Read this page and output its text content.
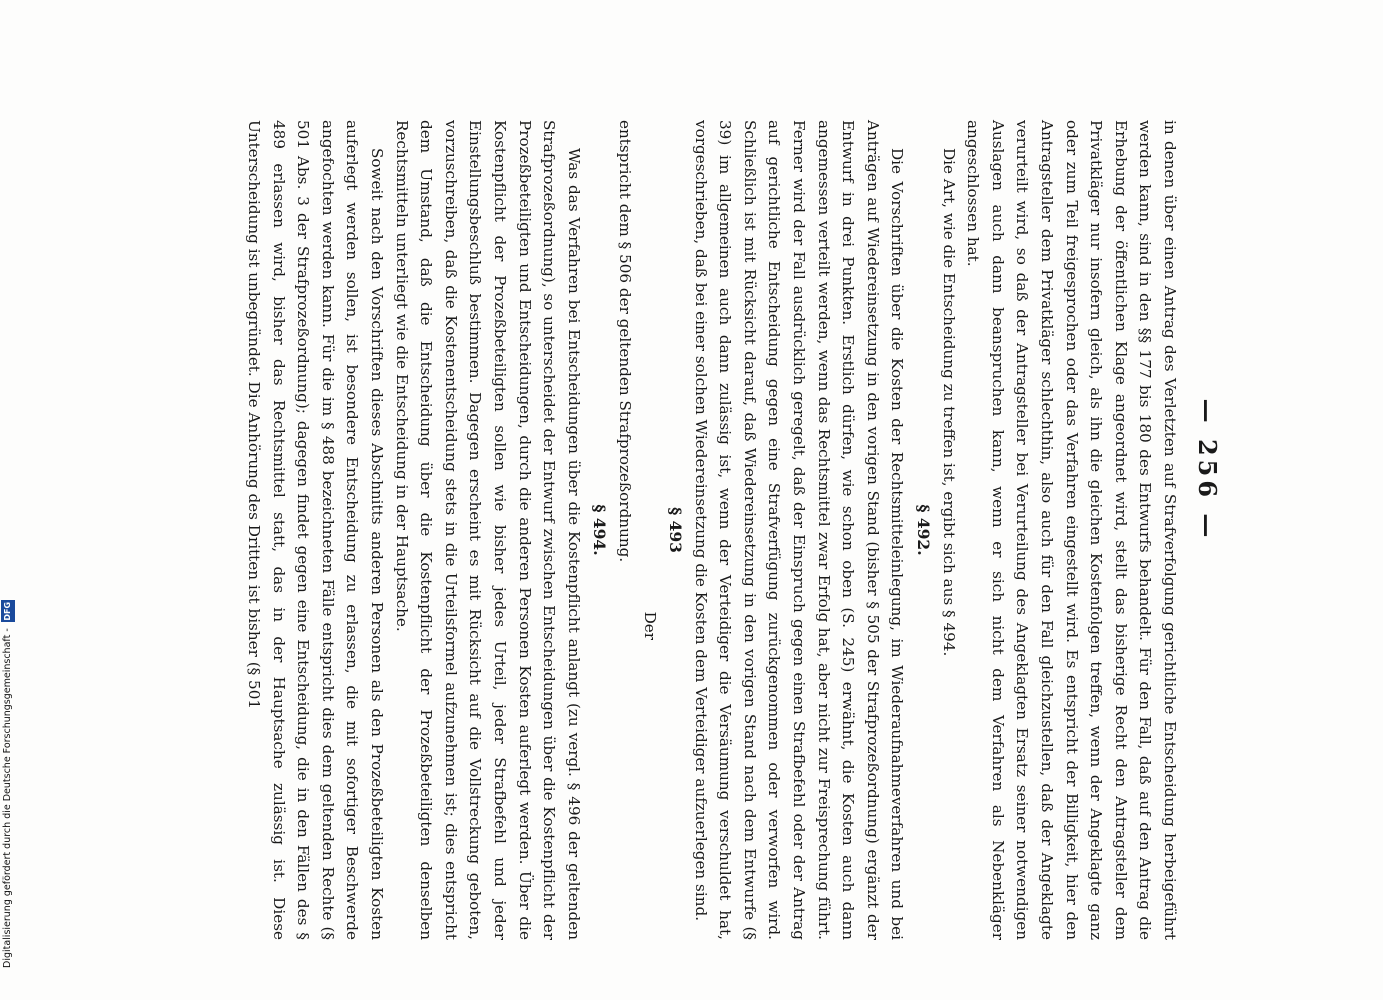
— 256 —

in denen über einen Antrag des Verletzten auf Strafverfolgung gerichtliche Entscheidung herbeigeführt werden kann, sind in den §§ 177 bis 180 des Entwurfs behandelt. Für den Fall, daß auf den Antrag die Erhebung der öffentlichen Klage angeordnet wird, stellt das bisherige Recht den Antragsteller dem Privatkläger nur insofern gleich, als ihn die gleichen Kostenfolgen treffen, wenn der Angeklagte ganz oder zum Teil freigesprochen oder das Verfahren eingestellt wird. Es entspricht der Billigkeit, hier den Antragsteller dem Privatkläger schlechthin, also auch für den Fall gleichzustellen, daß der Angeklagte verurteilt wird, so daß der Antragsteller bei Verurteilung des Angeklagten Ersatz seiner notwendigen Auslagen auch dann beanspruchen kann, wenn er sich nicht dem Verfahren als Nebenkläger angeschlossen hat.

Die Art, wie die Entscheidung zu treffen ist, ergibt sich aus § 494.

§ 492.

Die Vorschriften über die Kosten der Rechtsmitteleinlegung, im Wiederaufnahmeverfahren und bei Anträgen auf Wiedereinsetzung in den vorigen Stand (bisher § 505 der Strafprozeßordnung) ergänzt der Entwurf in drei Punkten. Erstlich dürfen, wie schon oben (S. 245) erwähnt, die Kosten auch dann angemessen verteilt werden, wenn das Rechtsmittel zwar Erfolg hat, aber nicht zur Freisprechung führt. Ferner wird der Fall ausdrücklich geregelt, daß der Einspruch gegen einen Strafbefehl oder der Antrag auf gerichtliche Entscheidung gegen eine Strafverfügung zurückgenommen oder verworfen wird. Schließlich ist mit Rücksicht darauf, daß Wiedereinsetzung in den vorigen Stand nach dem Entwurfe (§ 39) im allgemeinen auch dann zulässig ist, wenn der Verteidiger die Versäumung verschuldet hat, vorgeschrieben, daß bei einer solchen Wiedereinsetzung die Kosten dem Verteidiger aufzuerlegen sind.

§ 493

Der

entspricht dem § 506 der geltenden Strafprozeßordnung.

§ 494.

Was das Verfahren bei Entscheidungen über die Kostenpflicht anlangt (zu vergl. § 496 der geltenden Strafprozeßordnung), so unterscheidet der Entwurf zwischen Entscheidungen über die Kostenpflicht der Prozeßbeteiligten und Entscheidungen, durch die anderen Personen Kosten auferlegt werden. Über die Kostenpflicht der Prozeßbeteiligten sollen wie bisher jedes Urteil, jeder Strafbefehl und jeder Einstellungsbeschluß bestimmen. Dagegen erscheint es mit Rücksicht auf die Vollstreckung geboten, vorzuschreiben, daß die Kostenentscheidung stets in die Urteilsformel aufzunehmen ist; dies entspricht dem Umstand, daß die Entscheidung über die Kostenpflicht der Prozeßbeteiligten denselben Rechtsmitteln unterliegt wie die Entscheidung in der Hauptsache.

Soweit nach den Vorschriften dieses Abschnitts anderen Personen als den Prozeßbeteiligten Kosten auferlegt werden sollen, ist besondere Entscheidung zu erlassen, die mit sofortiger Beschwerde angefochten werden kann. Für die im § 488 bezeichneten Fälle entspricht dies dem geltenden Rechte (§ 501 Abs. 3 der Strafprozeßordnung); dagegen findet gegen eine Entscheidung, die in den Fällen des § 489 erlassen wird, bisher das Rechtsmittel statt, das in der Hauptsache zulässig ist. Diese Unterscheidung ist unbegründet. Die Anhörung des Dritten ist bisher (§ 501

Digitalisierung gefördert durch die Deutsche Forschungsgemeinschaft -
DFG
